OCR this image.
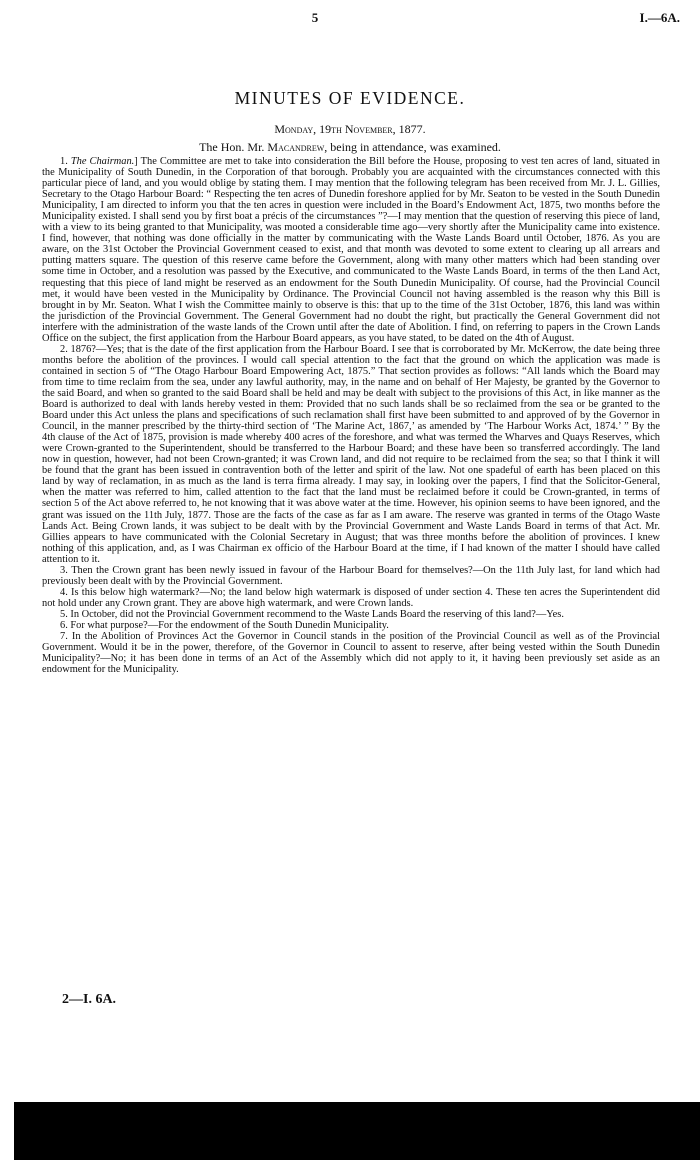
5	I.—6A.
MINUTES OF EVIDENCE.
Monday, 19th November, 1877.
The Hon. Mr. Macandrew, being in attendance, was examined.

1. The Chairman.] The Committee are met to take into consideration the Bill before the House, proposing to vest ten acres of land, situated in the Municipality of South Dunedin, in the Corporation of that borough. Probably you are acquainted with the circumstances connected with this particular piece of land, and you would oblige by stating them. I may mention that the following telegram has been received from Mr. J. L. Gillies, Secretary to the Otago Harbour Board: “ Respecting the ten acres of Dunedin foreshore applied for by Mr. Seaton to be vested in the South Dunedin Municipality, I am directed to inform you that the ten acres in question were included in the Board’s Endowment Act, 1875, two months before the Municipality existed. I shall send you by first boat a précis of the circumstances ”?—I may mention that the question of reserving this piece of land, with a view to its being granted to that Municipality, was mooted a considerable time ago—very shortly after the Municipality came into existence. I find, however, that nothing was done officially in the matter by communicating with the Waste Lands Board until October, 1876. As you are aware, on the 31st October the Provincial Government ceased to exist, and that month was devoted to some extent to clearing up all arrears and putting matters square. The question of this reserve came before the Government, along with many other matters which had been standing over some time in October, and a resolution was passed by the Executive, and communicated to the Waste Lands Board, in terms of the then Land Act, requesting that this piece of land might be reserved as an endowment for the South Dunedin Municipality. Of course, had the Provincial Council met, it would have been vested in the Municipality by Ordinance. The Provincial Council not having assembled is the reason why this Bill is brought in by Mr. Seaton. What I wish the Committee mainly to observe is this: that up to the time of the 31st October, 1876, this land was within the jurisdiction of the Provincial Government. The General Government had no doubt the right, but practically the General Government did not interfere with the administration of the waste lands of the Crown until after the date of Abolition. I find, on referring to papers in the Crown Lands Office on the subject, the first application from the Harbour Board appears, as you have stated, to be dated on the 4th of August.

2. 1876?—Yes; that is the date of the first application from the Harbour Board. I see that is corroborated by Mr. McKerrow, the date being three months before the abolition of the provinces. I would call special attention to the fact that the ground on which the application was made is contained in section 5 of “The Otago Harbour Board Empowering Act, 1875.” That section provides as follows: “All lands which the Board may from time to time reclaim from the sea, under any lawful authority, may, in the name and on behalf of Her Majesty, be granted by the Governor to the said Board, and when so granted to the said Board shall be held and may be dealt with subject to the provisions of this Act, in like manner as the Board is authorized to deal with lands hereby vested in them: Provided that no such lands shall be so reclaimed from the sea or be granted to the Board under this Act unless the plans and specifications of such reclamation shall first have been submitted to and approved of by the Governor in Council, in the manner prescribed by the thirty-third section of ‘The Marine Act, 1867,’ as amended by ‘The Harbour Works Act, 1874.’ ” By the 4th clause of the Act of 1875, provision is made whereby 400 acres of the foreshore, and what was termed the Wharves and Quays Reserves, which were Crown-granted to the Superintendent, should be transferred to the Harbour Board; and these have been so transferred accordingly. The land now in question, however, had not been Crown-granted; it was Crown land, and did not require to be reclaimed from the sea; so that I think it will be found that the grant has been issued in contravention both of the letter and spirit of the law. Not one spadeful of earth has been placed on this land by way of reclamation, in as much as the land is terra firma already. I may say, in looking over the papers, I find that the Solicitor-General, when the matter was referred to him, called attention to the fact that the land must be reclaimed before it could be Crown-granted, in terms of section 5 of the Act above referred to, he not knowing that it was above water at the time. However, his opinion seems to have been ignored, and the grant was issued on the 11th July, 1877. Those are the facts of the case as far as I am aware. The reserve was granted in terms of the Otago Waste Lands Act. Being Crown lands, it was subject to be dealt with by the Provincial Government and Waste Lands Board in terms of that Act. Mr. Gillies appears to have communicated with the Colonial Secretary in August; that was three months before the abolition of provinces. I knew nothing of this application, and, as I was Chairman ex officio of the Harbour Board at the time, if I had known of the matter I should have called attention to it.

3. Then the Crown grant has been newly issued in favour of the Harbour Board for themselves?—On the 11th July last, for land which had previously been dealt with by the Provincial Government.

4. Is this below high watermark?—No; the land below high watermark is disposed of under section 4. These ten acres the Superintendent did not hold under any Crown grant. They are above high watermark, and were Crown lands.

5. In October, did not the Provincial Government recommend to the Waste Lands Board the reserving of this land?—Yes.

6. For what purpose?—For the endowment of the South Dunedin Municipality.

7. In the Abolition of Provinces Act the Governor in Council stands in the position of the Provincial Council as well as of the Provincial Government. Would it be in the power, therefore, of the Governor in Council to assent to reserve, after being vested within the South Dunedin Municipality?—No; it has been done in terms of an Act of the Assembly which did not apply to it, it having been previously set aside as an endowment for the Municipality.

2—I. 6A.
